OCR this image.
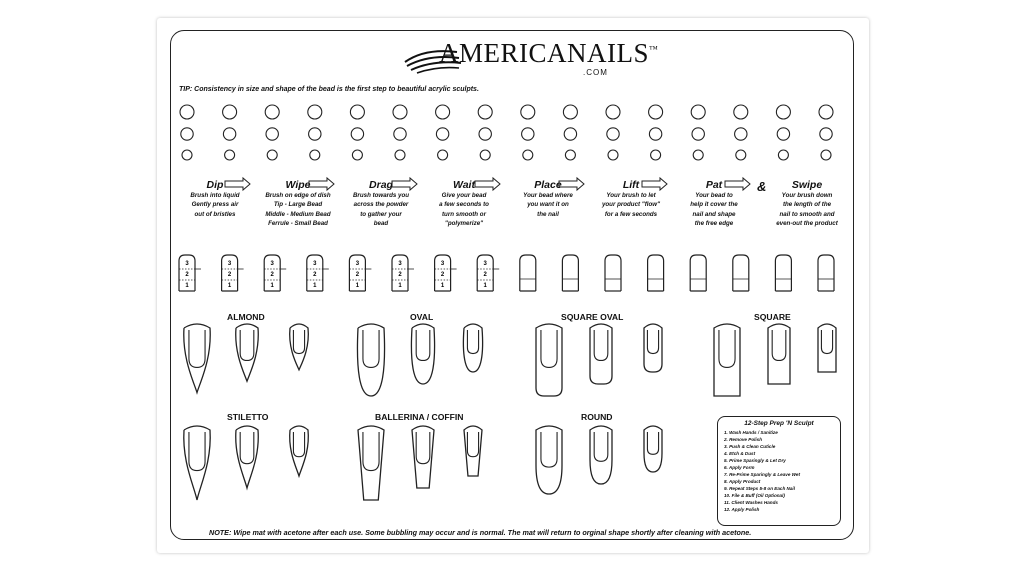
AMERICANAILS™
.COM
TIP: Consistency in size and shape of the bead is the first step to beautiful acrylic sculpts.
3
2
1
3
2
1
3
2
1
3
2
1
3
2
1
3
2
1
3
2
1
3
2
1
Dip
Brush into liquid
Gently press air
out of bristles
Wipe
Brush on edge of dish
Tip - Large Bead
Middle - Medium Bead
Ferrule - Small Bead
Drag
Brush towards you
across the powder
to gather your
bead
Wait
Give your bead
a few seconds to
turn smooth or
"polymerize"
Place
Your bead where
you want it on
the nail
Lift
Your brush to let
your product "flow"
for a few seconds
Pat
Your bead to
help it cover the
nail and shape
the free edge
Swipe
Your brush down
the length of the
nail to smooth and
even-out the product
&
ALMOND	OVAL	SQUARE OVAL	SQUARE
STILETTO	BALLERINA / COFFIN	ROUND
12-Step Prep 'N Sculpt
1. Wash Hands / Sanitize
2. Remove Polish
3. Push & Clean Cuticle
4. Etch & Dust
5. Prime Sparingly & Let Dry
6. Apply Form
7. Re-Prime Sparingly & Leave Wet
8. Apply Product
9. Repeat Steps 5-8 on Each Nail
10. File & Buff (Oil Optional)
11. Client Washes Hands
12. Apply Polish
NOTE: Wipe mat with acetone after each use. Some bubbling may occur and is normal. The mat will return to orginal shape shortly after cleaning with acetone.
